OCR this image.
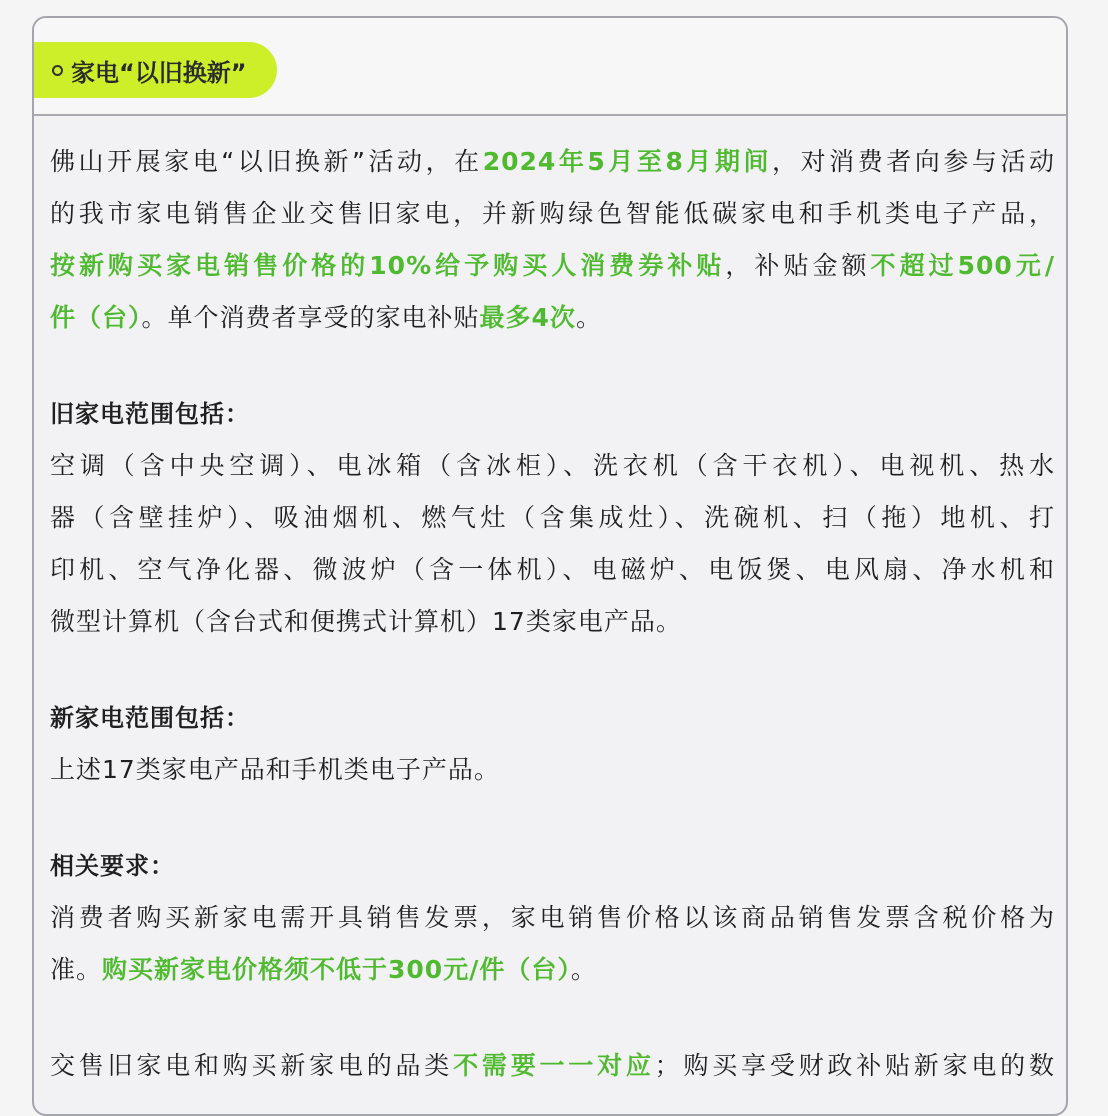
家电“以旧换新”
佛山开展家电“以旧换新”活动，在2024年5月至8月期间，对消费者向参与活动
的我市家电销售企业交售旧家电，并新购绿色智能低碳家电和手机类电子产品，
按新购买家电销售价格的10%给予购买人消费券补贴，补贴金额不超过500元/
件（台）。单个消费者享受的家电补贴最多4次。
旧家电范围包括：
空调（含中央空调）、电冰箱（含冰柜）、洗衣机（含干衣机）、电视机、热水
器（含壁挂炉）、吸油烟机、燃气灶（含集成灶）、洗碗机、扫（拖）地机、打
印机、空气净化器、微波炉（含一体机）、电磁炉、电饭煲、电风扇、净水机和
微型计算机（含台式和便携式计算机）17类家电产品。
新家电范围包括：
上述17类家电产品和手机类电子产品。
相关要求：
消费者购买新家电需开具销售发票，家电销售价格以该商品销售发票含税价格为
准。购买新家电价格须不低于300元/件（台）。
交售旧家电和购买新家电的品类不需要一一对应；购买享受财政补贴新家电的数
